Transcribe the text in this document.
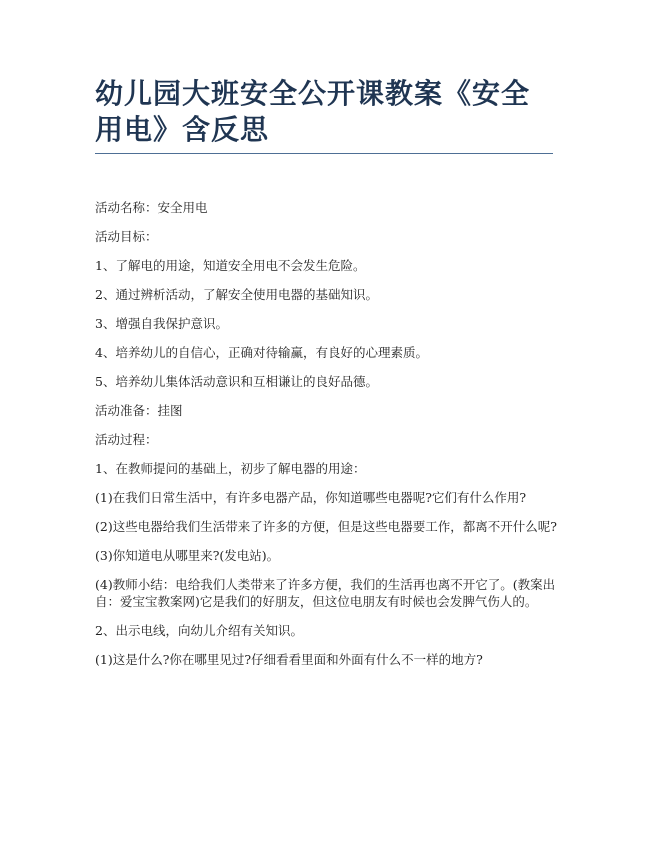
幼儿园大班安全公开课教案《安全用电》含反思

活动名称：安全用电

活动目标：

1、了解电的用途，知道安全用电不会发生危险。

2、通过辨析活动，了解安全使用电器的基础知识。

3、增强自我保护意识。

4、培养幼儿的自信心，正确对待输赢，有良好的心理素质。

5、培养幼儿集体活动意识和互相谦让的良好品德。

活动准备：挂图

活动过程：

1、在教师提问的基础上，初步了解电器的用途：

(1)在我们日常生活中，有许多电器产品，你知道哪些电器呢?它们有什么作用?

(2)这些电器给我们生活带来了许多的方便，但是这些电器要工作，都离不开什么呢?

(3)你知道电从哪里来?(发电站)。

(4)教师小结：电给我们人类带来了许多方便，我们的生活再也离不开它了。(教案出自：爱宝宝教案网)它是我们的好朋友，但这位电朋友有时候也会发脾气伤人的。

2、出示电线，向幼儿介绍有关知识。

(1)这是什么?你在哪里见过?仔细看看里面和外面有什么不一样的地方?
